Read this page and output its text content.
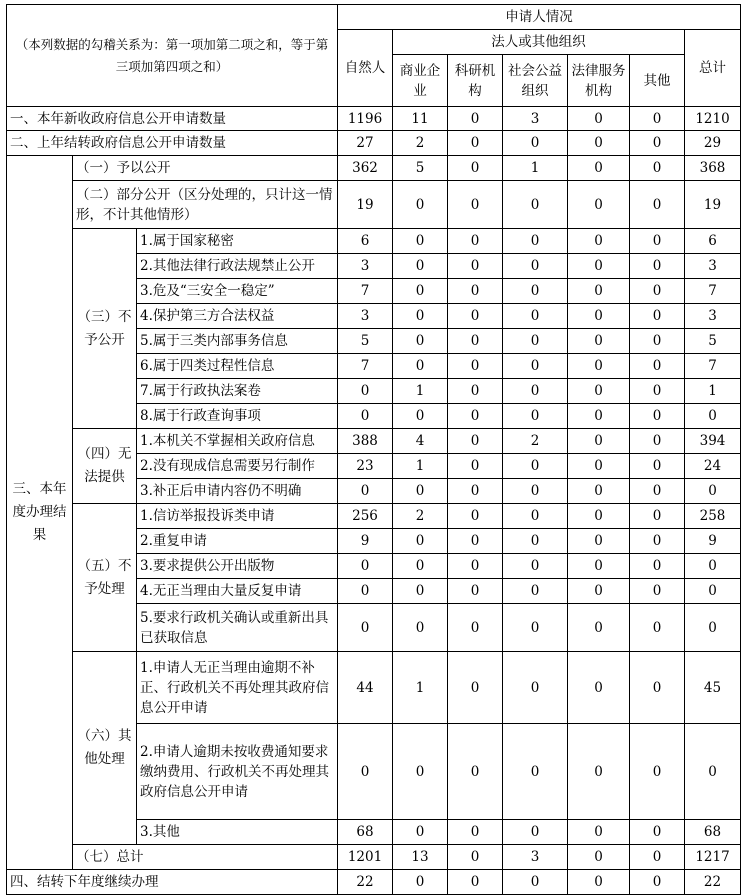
（本列数据的勾稽关系为：第一项加第二项之和，等于第三项加第四项之和）			申请人情况						
			自然人	法人或其他组织					总计
				商业企业	科研机构	社会公益组织	法律服务机构	其他	
一、本年新收政府信息公开申请数量			1196	11	0	3	0	0	1210
二、上年结转政府信息公开申请数量			27	2	0	0	0	0	29
三、本年度办理结果	（一）予以公开		362	5	0	1	0	0	368
	（二）部分公开（区分处理的，只计这一情形，不计其他情形）		19	0	0	0	0	0	19
	（三）不予公开	1.属于国家秘密	6	0	0	0	0	0	6
		2.其他法律行政法规禁止公开	3	0	0	0	0	0	3
		3.危及“三安全一稳定”	7	0	0	0	0	0	7
		4.保护第三方合法权益	3	0	0	0	0	0	3
		5.属于三类内部事务信息	5	0	0	0	0	0	5
		6.属于四类过程性信息	7	0	0	0	0	0	7
		7.属于行政执法案卷	0	1	0	0	0	0	1
		8.属于行政查询事项	0	0	0	0	0	0	0
	（四）无法提供	1.本机关不掌握相关政府信息	388	4	0	2	0	0	394
		2.没有现成信息需要另行制作	23	1	0	0	0	0	24
		3.补正后申请内容仍不明确	0	0	0	0	0	0	0
	（五）不予处理	1.信访举报投诉类申请	256	2	0	0	0	0	258
		2.重复申请	9	0	0	0	0	0	9
		3.要求提供公开出版物	0	0	0	0	0	0	0
		4.无正当理由大量反复申请	0	0	0	0	0	0	0
		5.要求行政机关确认或重新出具已获取信息	0	0	0	0	0	0	0
	（六）其他处理	1.申请人无正当理由逾期不补正、行政机关不再处理其政府信息公开申请	44	1	0	0	0	0	45
		2.申请人逾期未按收费通知要求缴纳费用、行政机关不再处理其政府信息公开申请	0	0	0	0	0	0	0
		3.其他	68	0	0	0	0	0	68
	（七）总计		1201	13	0	3	0	0	1217
四、结转下年度继续办理			22	0	0	0	0	0	22
